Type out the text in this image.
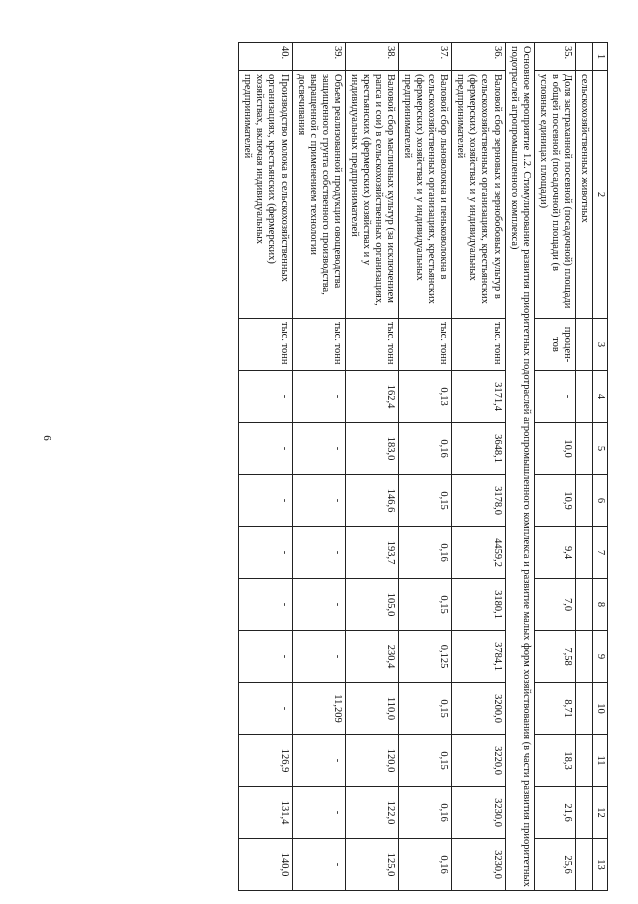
6
1	2	3	4	5	6	7	8	9	10	11	12	13
	сельскохозяйственных животных											
35.	Доля застраханной посевной (посадочной) площади в общей посевной (посадочной) площади (в условных единицах площади)	процен-тов	-	10,0	10,9	9,4	7,0	7,58	8,71	18,3	21,6	25,6
Основное мероприятие 1.2. Стимулирование развития приоритетных подотраслей агропромышленного комплекса и развитие малых форм хозяйствования (в части развития приоритетных подотраслей агропромышленного комплекса)												
36.	Валовой сбор зерновых и зернобобовых культур в сельскохозяйственных организациях, крестьянских (фермерских) хозяйствах и у индивидуальных предпринимателей	тыс. тонн	3171,4	3648,1	3178,0	4459,2	3180,1	3784,1	3200,0	3220,0	3230,0	3230,0
37.	Валовой сбор льноволокна и пеньковолокна в сельскохозяйственных организациях, крестьянских (фермерских) хозяйствах и у индивидуальных предпринимателей	тыс. тонн	0,13	0,16	0,15	0,16	0,15	0,125	0,15	0,15	0,16	0,16
38.	Валовой сбор масличных культур (за исключением рапса и сои) в сельскохозяйственных организациях, крестьянских (фермерских) хозяйствах и у индивидуальных предпринимателей	тыс. тонн	162,4	183,0	146,6	193,7	105,0	230,4	110,0	120,0	122,0	125,0
39.	Объем реализованной продукции овощеводства защищенного грунта собственного производства, выращенной с применением технологии досвечивания	тыс. тонн	-	-	-	-	-	-	11,209	-	-	-
40.	Производство молока в сельскохозяйственных организациях, крестьянских (фермерских) хозяйствах, включая индивидуальных предпринимателей	тыс. тонн	-	-	-	-	-	-	-	126,9	131,4	140,0
